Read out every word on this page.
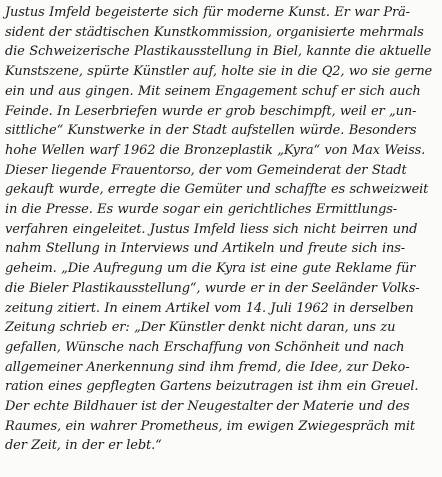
Justus Imfeld begeisterte sich für moderne Kunst. Er war Prä-
sident der städtischen Kunstkommission, organisierte mehrmals
die Schweizerische Plastikausstellung in Biel, kannte die aktuelle
Kunstszene, spürte Künstler auf, holte sie in die Q2, wo sie gerne
ein und aus gingen. Mit seinem Engagement schuf er sich auch
Feinde. In Leserbriefen wurde er grob beschimpft, weil er „un-
sittliche“ Kunstwerke in der Stadt aufstellen würde. Besonders
hohe Wellen warf 1962 die Bronzeplastik „Kyra“ von Max Weiss.
Dieser liegende Frauentorso, der vom Gemeinderat der Stadt
gekauft wurde, erregte die Gemüter und schaffte es schweizweit
in die Presse. Es wurde sogar ein gerichtliches Ermittlungs-
verfahren eingeleitet. Justus Imfeld liess sich nicht beirren und
nahm Stellung in Interviews und Artikeln und freute sich ins-
geheim. „Die Aufregung um die Kyra ist eine gute Reklame für
die Bieler Plastikausstellung“, wurde er in der Seeländer Volks-
zeitung zitiert. In einem Artikel vom 14. Juli 1962 in derselben
Zeitung schrieb er: „Der Künstler denkt nicht daran, uns zu
gefallen, Wünsche nach Erschaffung von Schönheit und nach
allgemeiner Anerkennung sind ihm fremd, die Idee, zur Deko-
ration eines gepflegten Gartens beizutragen ist ihm ein Greuel.
Der echte Bildhauer ist der Neugestalter der Materie und des
Raumes, ein wahrer Prometheus, im ewigen Zwiegespräch mit
der Zeit, in der er lebt.“
